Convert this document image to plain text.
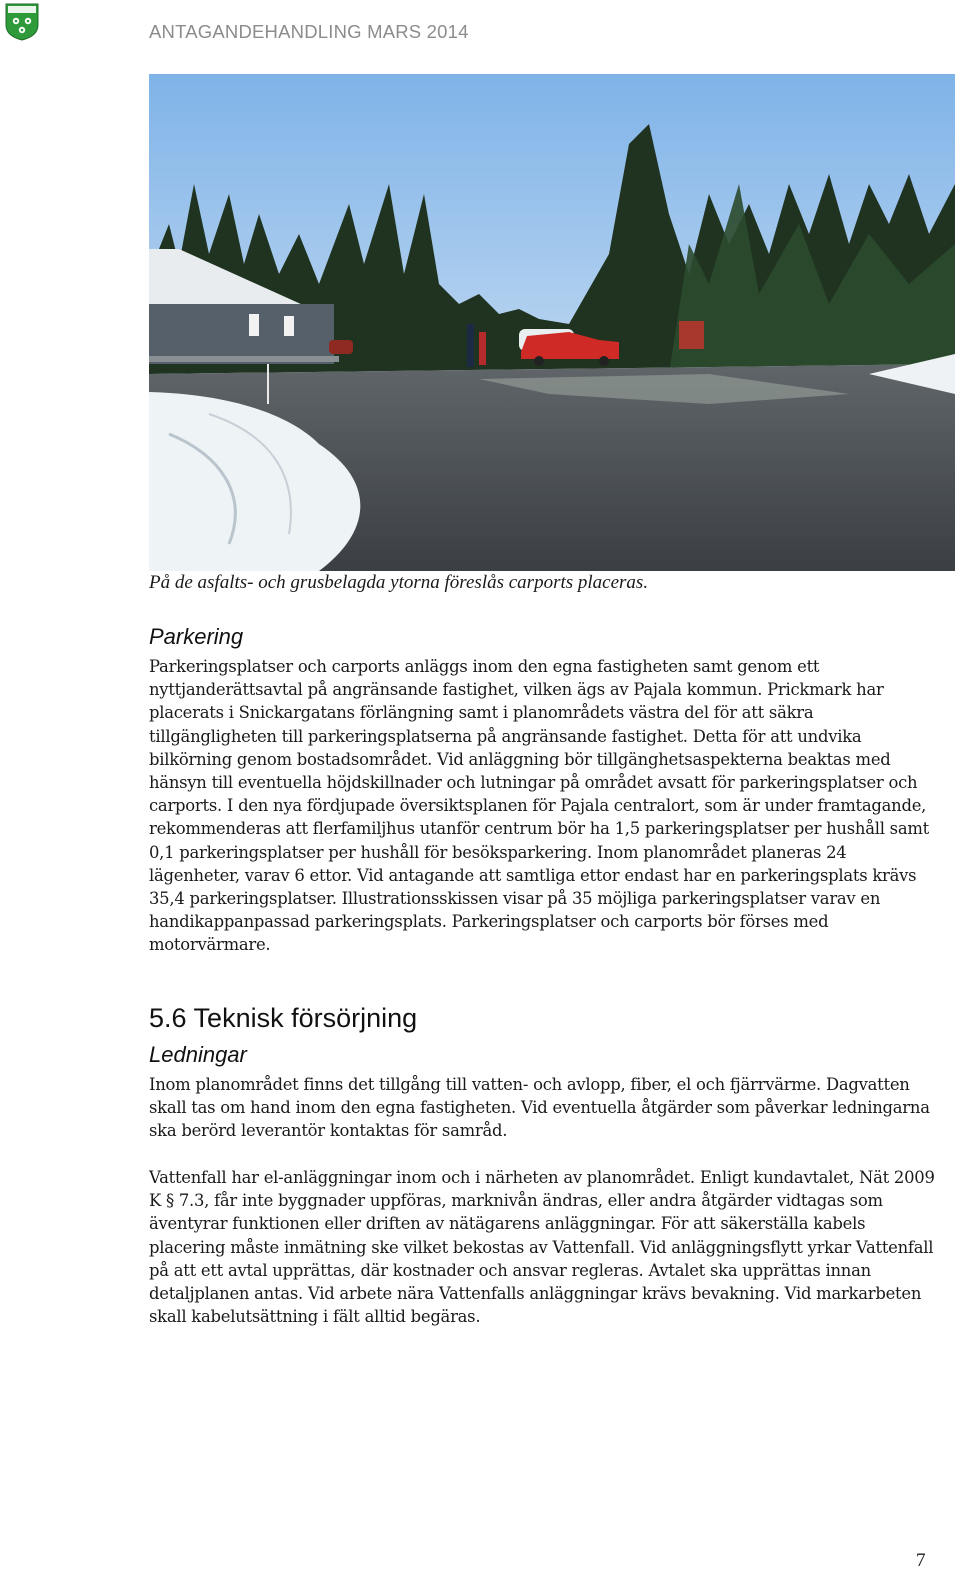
ANTAGANDEHANDLING MARS 2014
På de asfalts- och grusbelagda ytorna föreslås carports placeras.
Parkering
Parkeringsplatser och carports anläggs inom den egna fastigheten samt genom ett nyttjanderättsavtal på angränsande fastighet, vilken ägs av Pajala kommun. Prickmark har placerats i Snickargatans förlängning samt i planområdets västra del för att säkra tillgängligheten till parkeringsplatserna på angränsande fastighet. Detta för att undvika bilkörning genom bostadsområdet. Vid anläggning bör tillgänghetsaspekterna beaktas med hänsyn till eventuella höjdskillnader och lutningar på området avsatt för parkeringsplatser och carports. I den nya fördjupade översiktsplanen för Pajala centralort, som är under framtagande, rekommenderas att flerfamiljhus utanför centrum bör ha 1,5 parkeringsplatser per hushåll samt 0,1 parkeringsplatser per hushåll för besöksparkering. Inom planområdet planeras 24 lägenheter, varav 6 ettor. Vid antagande att samtliga ettor endast har en parkeringsplats krävs 35,4 parkeringsplatser. Illustrationsskissen visar på 35 möjliga parkeringsplatser varav en handikappanpassad parkeringsplats. Parkeringsplatser och carports bör förses med motorvärmare.
5.6 Teknisk försörjning
Ledningar
Inom planområdet finns det tillgång till vatten- och avlopp, fiber, el och fjärrvärme. Dagvatten skall tas om hand inom den egna fastigheten. Vid eventuella åtgärder som påverkar ledningarna ska berörd leverantör kontaktas för samråd.
Vattenfall har el-anläggningar inom och i närheten av planområdet. Enligt kundavtalet, Nät 2009 K § 7.3, får inte byggnader uppföras, marknivån ändras, eller andra åtgärder vidtagas som äventyrar funktionen eller driften av nätägarens anläggningar. För att säkerställa kabels placering måste inmätning ske vilket bekostas av Vattenfall. Vid anläggningsflytt yrkar Vattenfall på att ett avtal upprättas, där kostnader och ansvar regleras. Avtalet ska upprättas innan detaljplanen antas. Vid arbete nära Vattenfalls anläggningar krävs bevakning. Vid markarbeten skall kabelutsättning i fält alltid begäras.
7
